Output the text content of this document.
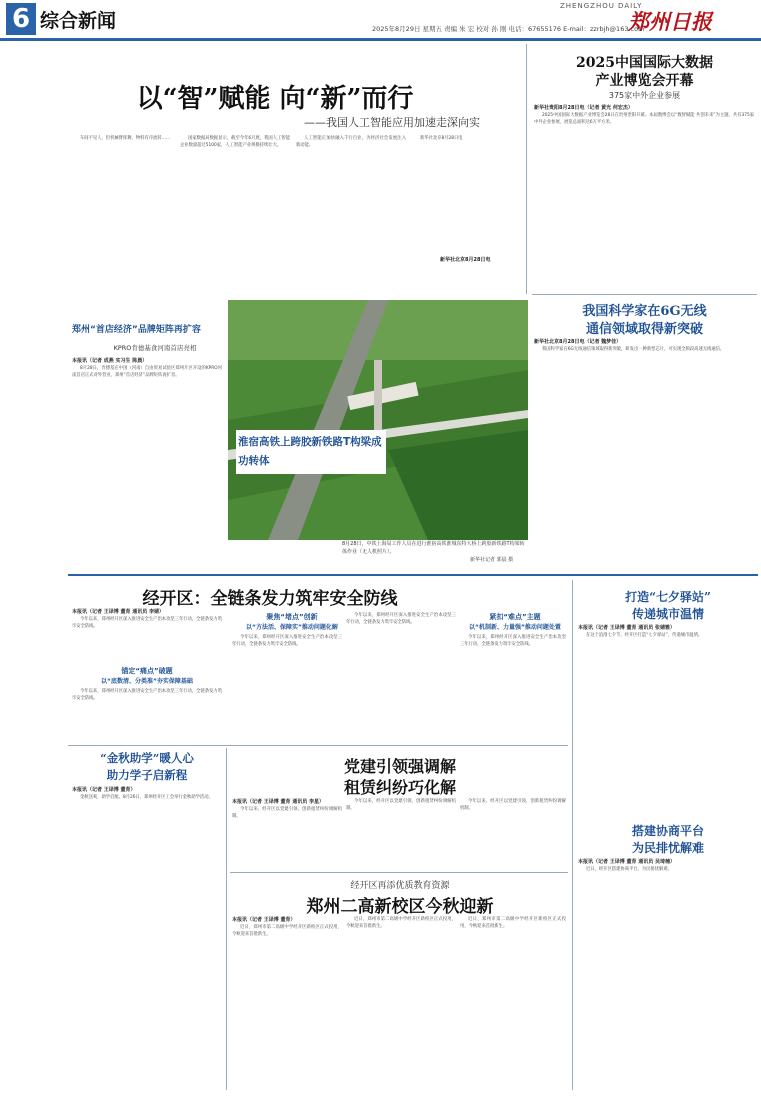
6 综合新闻
ZHENGZHOU DAILY
郑州日报
2025年8月29日 星期五 责编 朱 宏 校对 孙 刚 电话：67655176 E-mail：zzrbjh@163.com
以“智”赋能 向“新”而行
——我国人工智能应用加速走深向实
车间不见人，但机械臂挥舞，物料有序流转……	国家数据局数据显示，截至今年6月底，我国人工智能企业数量超过5100家，人工智能产业规模持续壮大。
人工智能正加快融入千行百业，为经济社会发展注入新动能。
新华社北京8月28日电
新华社北京8月28日电
2025中国国际大数据
产业博览会开幕
375家中外企业参展
新华社贵阳8月28日电（记者 黄光 何宏杰）
2025中国国际大数据产业博览会28日在贵州贵阳开幕。本届数博会以“数智赋能 共创未来”为主题，共有375家中外企业参展，展览总面积达6万平方米。
郑州“首店经济”品牌矩阵再扩容
KPRO肯德基食河南首店亮相
本报讯（记者 成燕 实习生 陈晨）
8月28日，肯德基在中国（河南）自由贸易试验区郑州片区开设的KPRO河南首店正式对外营业，郑州“首店经济”品牌矩阵再扩容。
淮宿高铁上跨胶新铁路T构梁成功转体
8月28日，中铁上海局工作人员在进行淮宿高铁淮城东特大桥上跨胶新铁路T构梁转体作业（无人机照片）。
新华社记者 郭晨 摄
我国科学家在6G无线
通信领域取得新突破
新华社北京8月28日电（记者 魏梦佳）
我国科学家在6G无线通信领域取得新突破，研发出一种新型芯片，可实现全频段高速无线通信。
经开区：全链条发力筑牢安全防线
本报讯（记者 王译博 董育 通讯员 李婧）
今年以来，郑州经开区深入推进安全生产治本攻坚三年行动，全链条发力筑牢安全防线。
锚定“痛点”破题
以“底数清、分类准”夯实保障基础
今年以来，郑州经开区深入推进安全生产治本攻坚三年行动，全链条发力筑牢安全防线。
聚焦“堵点”创新
以“方法活、保障实”推动问题化解
今年以来，郑州经开区深入推进安全生产治本攻坚三年行动，全链条发力筑牢安全防线。
今年以来，郑州经开区深入推进安全生产治本攻坚三年行动，全链条发力筑牢安全防线。
紧扣“难点”主题
以“机制新、力量强”推动问题处置
今年以来，郑州经开区深入推进安全生产治本攻坚三年行动，全链条发力筑牢安全防线。
打造“七夕驿站”
传递城市温情
本报讯（记者 王译博 董育 通讯员 张婧雅）
在这个浪漫七夕节，经开区打造“七夕驿站”，传递城市温情。
“金秋助学”暖人心
助力学子启新程
本报讯（记者 王译博 董育）
金秋送爽，助学启航。8月26日，郑州经开区工会举行金秋助学活动。
党建引领强调解
租赁纠纷巧化解
本报讯（记者 王译博 董育 通讯员 李星）
今年以来，经开区以党建引领，创新租赁纠纷调解机制。
今年以来，经开区以党建引领，创新租赁纠纷调解机制。
今年以来，经开区以党建引领，创新租赁纠纷调解机制。
搭建协商平台
为民排忧解难
本报讯（记者 王译博 董育 通讯员 吴琦楠）
近日，经开区搭建协商平台，为民排忧解难。
经开区再添优质教育资源
郑州二高新校区今秋迎新
本报讯（记者 王译博 董育）
近日，郑州市第二高级中学经开区新校区正式投用，今秋迎来首批新生。
近日，郑州市第二高级中学经开区新校区正式投用，今秋迎来首批新生。
近日，郑州市第二高级中学经开区新校区正式投用，今秋迎来首批新生。
